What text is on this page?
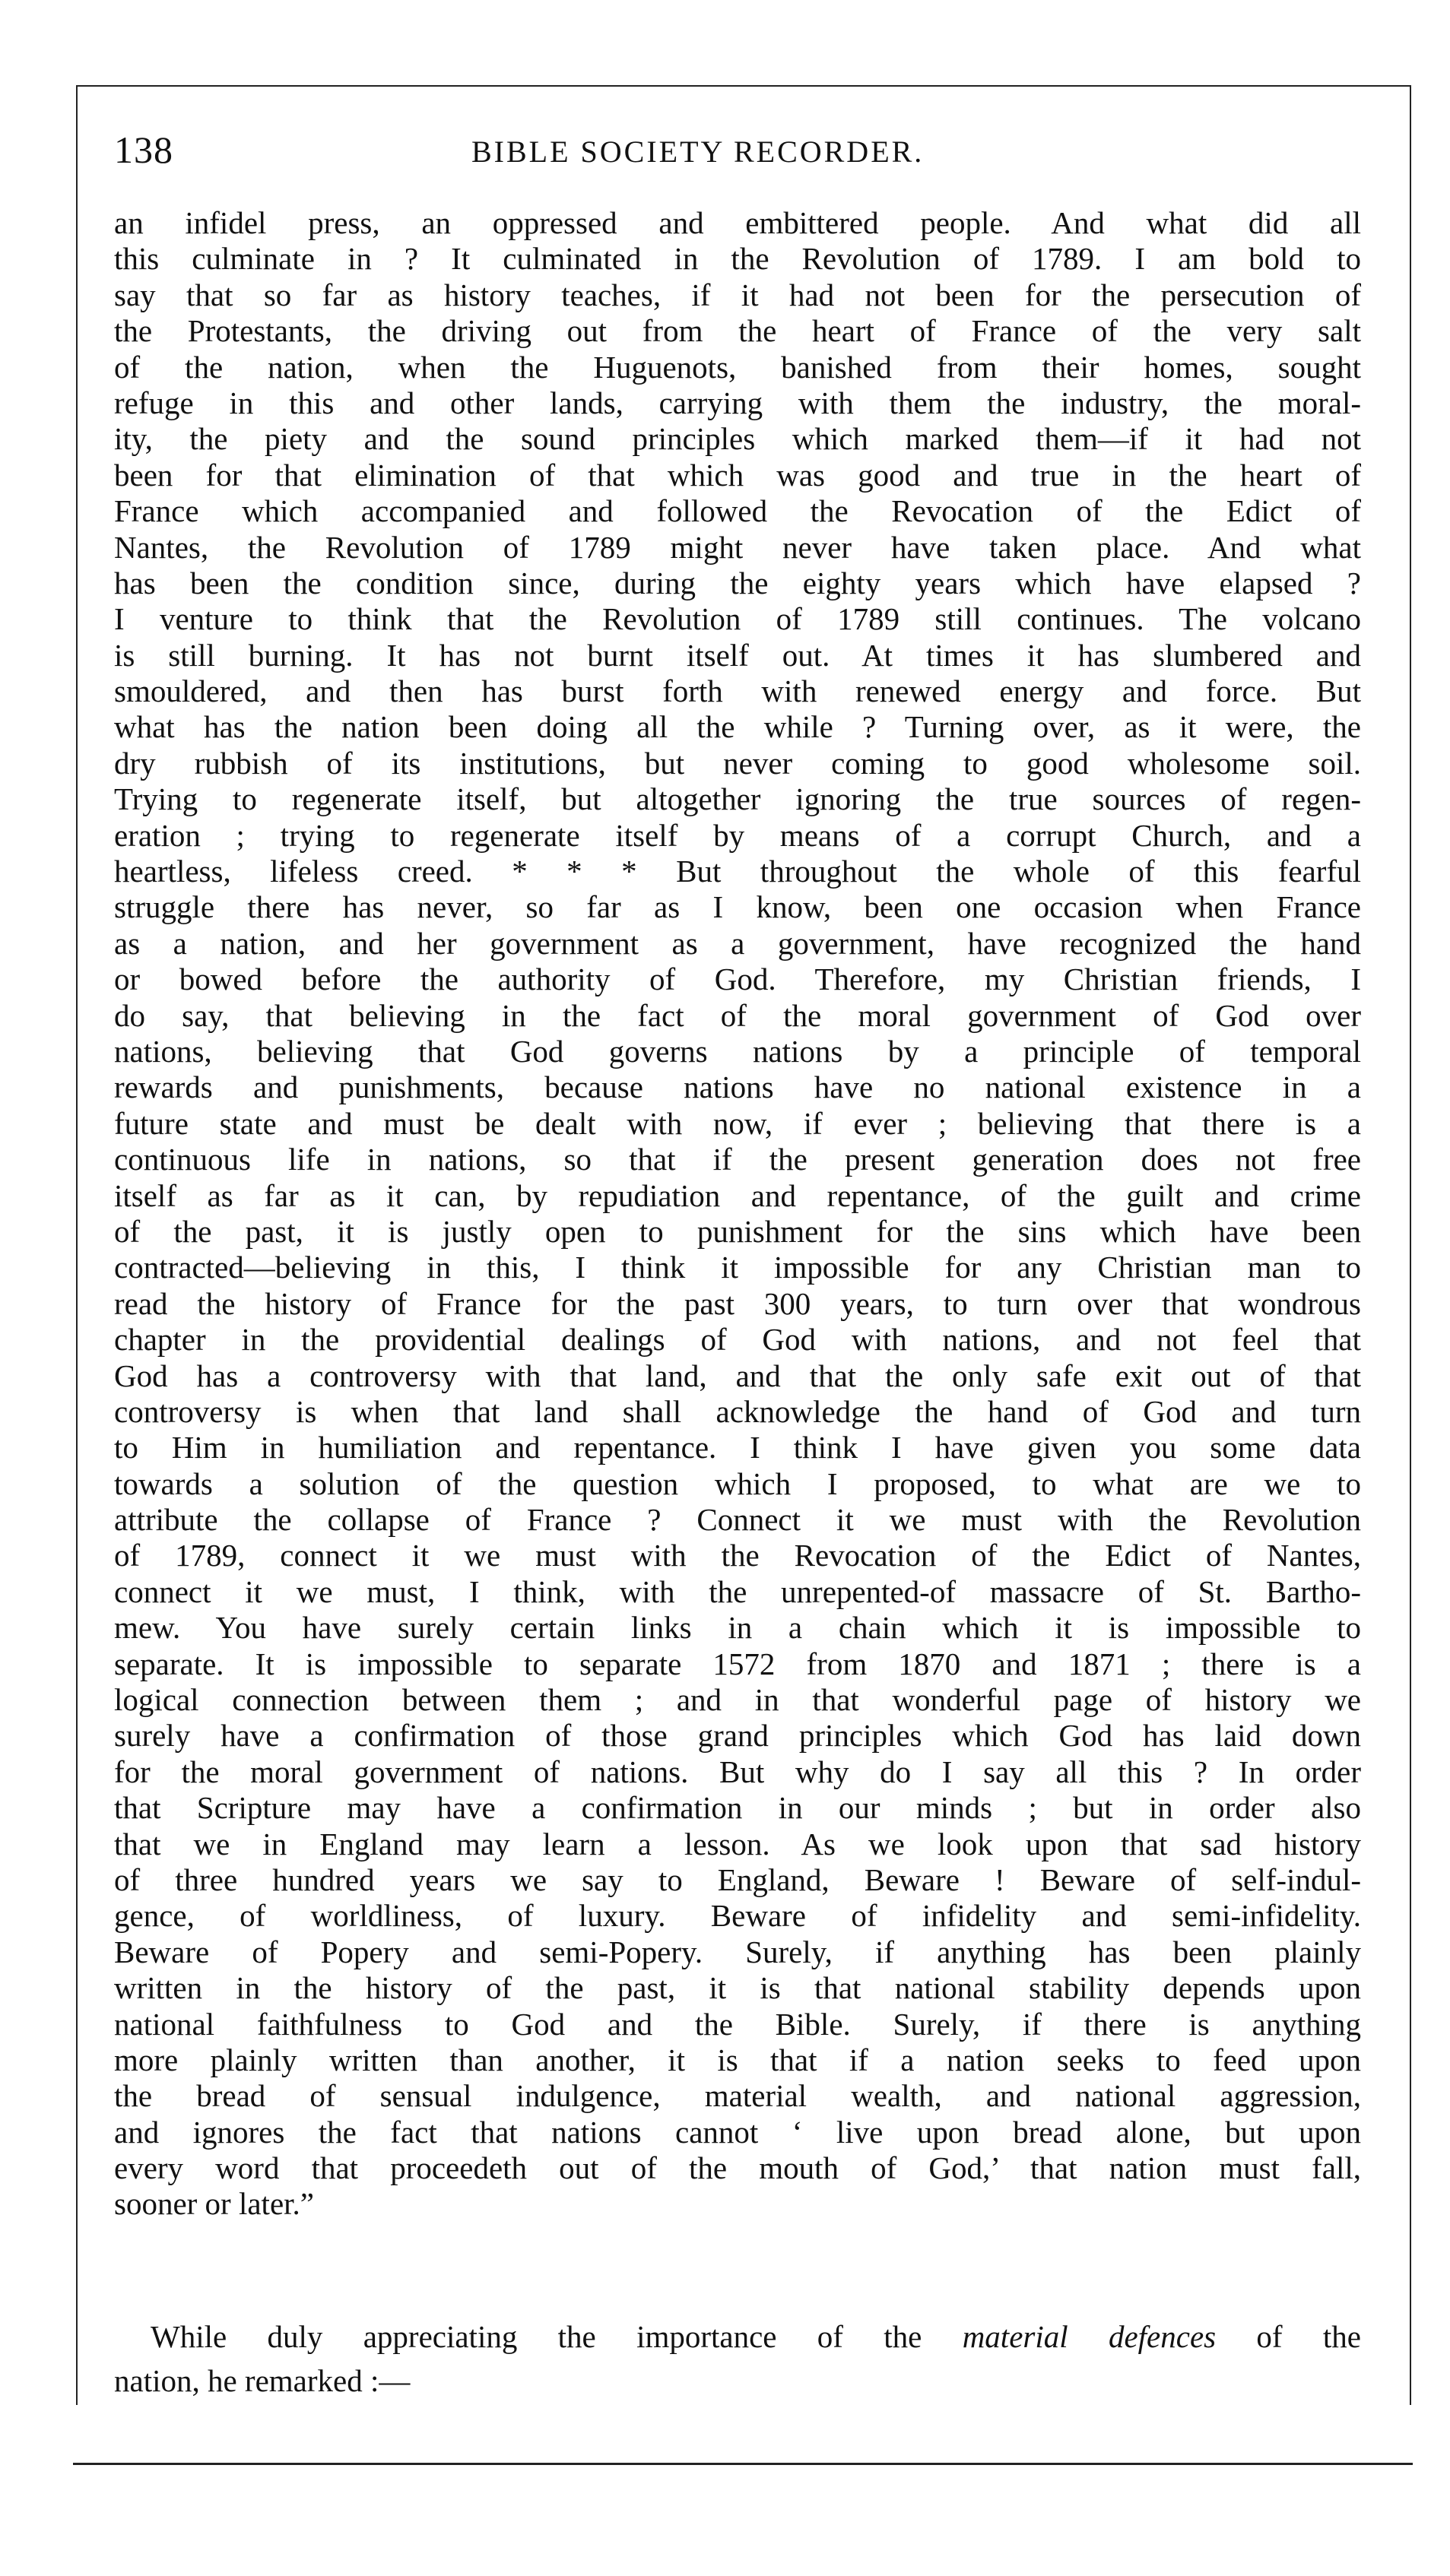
138	BIBLE SOCIETY RECORDER.
an infidel press, an oppressed and embittered people. And what did all
this culminate in ? It culminated in the Revolution of 1789. I am bold to
say that so far as history teaches, if it had not been for the persecution of
the Protestants, the driving out from the heart of France of the very salt
of the nation, when the Huguenots, banished from their homes, sought
refuge in this and other lands, carrying with them the industry, the moral-
ity, the piety and the sound principles which marked them—if it had not
been for that elimination of that which was good and true in the heart of
France which accompanied and followed the Revocation of the Edict of
Nantes, the Revolution of 1789 might never have taken place. And what
has been the condition since, during the eighty years which have elapsed ?
I venture to think that the Revolution of 1789 still continues. The volcano
is still burning. It has not burnt itself out. At times it has slumbered and
smouldered, and then has burst forth with renewed energy and force. But
what has the nation been doing all the while ? Turning over, as it were, the
dry rubbish of its institutions, but never coming to good wholesome soil.
Trying to regenerate itself, but altogether ignoring the true sources of regen-
eration ; trying to regenerate itself by means of a corrupt Church, and a
heartless, lifeless creed. * * * But throughout the whole of this fearful
struggle there has never, so far as I know, been one occasion when France
as a nation, and her government as a government, have recognized the hand
or bowed before the authority of God. Therefore, my Christian friends, I
do say, that believing in the fact of the moral government of God over
nations, believing that God governs nations by a principle of temporal
rewards and punishments, because nations have no national existence in a
future state and must be dealt with now, if ever ; believing that there is a
continuous life in nations, so that if the present generation does not free
itself as far as it can, by repudiation and repentance, of the guilt and crime
of the past, it is justly open to punishment for the sins which have been
contracted—believing in this, I think it impossible for any Christian man to
read the history of France for the past 300 years, to turn over that wondrous
chapter in the providential dealings of God with nations, and not feel that
God has a controversy with that land, and that the only safe exit out of that
controversy is when that land shall acknowledge the hand of God and turn
to Him in humiliation and repentance. I think I have given you some data
towards a solution of the question which I proposed, to what are we to
attribute the collapse of France ? Connect it we must with the Revolution
of 1789, connect it we must with the Revocation of the Edict of Nantes,
connect it we must, I think, with the unrepented-of massacre of St. Bartho-
mew. You have surely certain links in a chain which it is impossible to
separate. It is impossible to separate 1572 from 1870 and 1871 ; there is a
logical connection between them ; and in that wonderful page of history we
surely have a confirmation of those grand principles which God has laid down
for the moral government of nations. But why do I say all this ? In order
that Scripture may have a confirmation in our minds ; but in order also
that we in England may learn a lesson. As we look upon that sad history
of three hundred years we say to England, Beware ! Beware of self-indul-
gence, of worldliness, of luxury. Beware of infidelity and semi-infidelity.
Beware of Popery and semi-Popery. Surely, if anything has been plainly
written in the history of the past, it is that national stability depends upon
national faithfulness to God and the Bible. Surely, if there is anything
more plainly written than another, it is that if a nation seeks to feed upon
the bread of sensual indulgence, material wealth, and national aggression,
and ignores the fact that nations cannot ‘ live upon bread alone, but upon
every word that proceedeth out of the mouth of God,’ that nation must fall,
sooner or later.”
While duly appreciating the importance of the material defences of the
nation, he remarked :—
